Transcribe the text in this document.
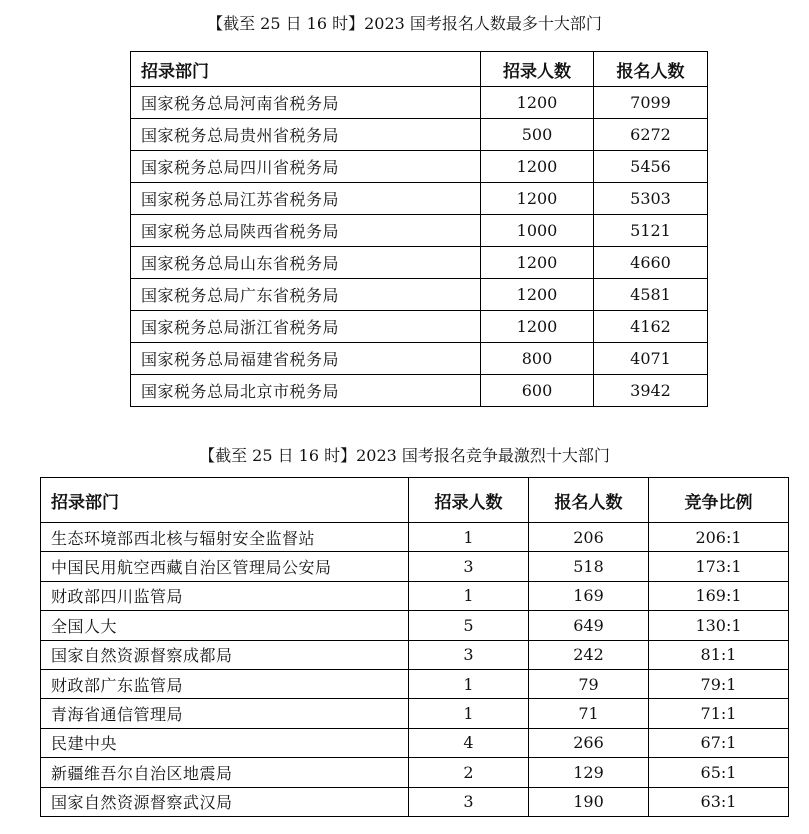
【截至 25 日 16 时】2023 国考报名人数最多十大部门
招录部门	招录人数	报名人数
国家税务总局河南省税务局	1200	7099
国家税务总局贵州省税务局	500	6272
国家税务总局四川省税务局	1200	5456
国家税务总局江苏省税务局	1200	5303
国家税务总局陕西省税务局	1000	5121
国家税务总局山东省税务局	1200	4660
国家税务总局广东省税务局	1200	4581
国家税务总局浙江省税务局	1200	4162
国家税务总局福建省税务局	800	4071
国家税务总局北京市税务局	600	3942
【截至 25 日 16 时】2023 国考报名竞争最激烈十大部门
招录部门	招录人数	报名人数	竞争比例
生态环境部西北核与辐射安全监督站	1	206	206:1
中国民用航空西藏自治区管理局公安局	3	518	173:1
财政部四川监管局	1	169	169:1
全国人大	5	649	130:1
国家自然资源督察成都局	3	242	81:1
财政部广东监管局	1	79	79:1
青海省通信管理局	1	71	71:1
民建中央	4	266	67:1
新疆维吾尔自治区地震局	2	129	65:1
国家自然资源督察武汉局	3	190	63:1
